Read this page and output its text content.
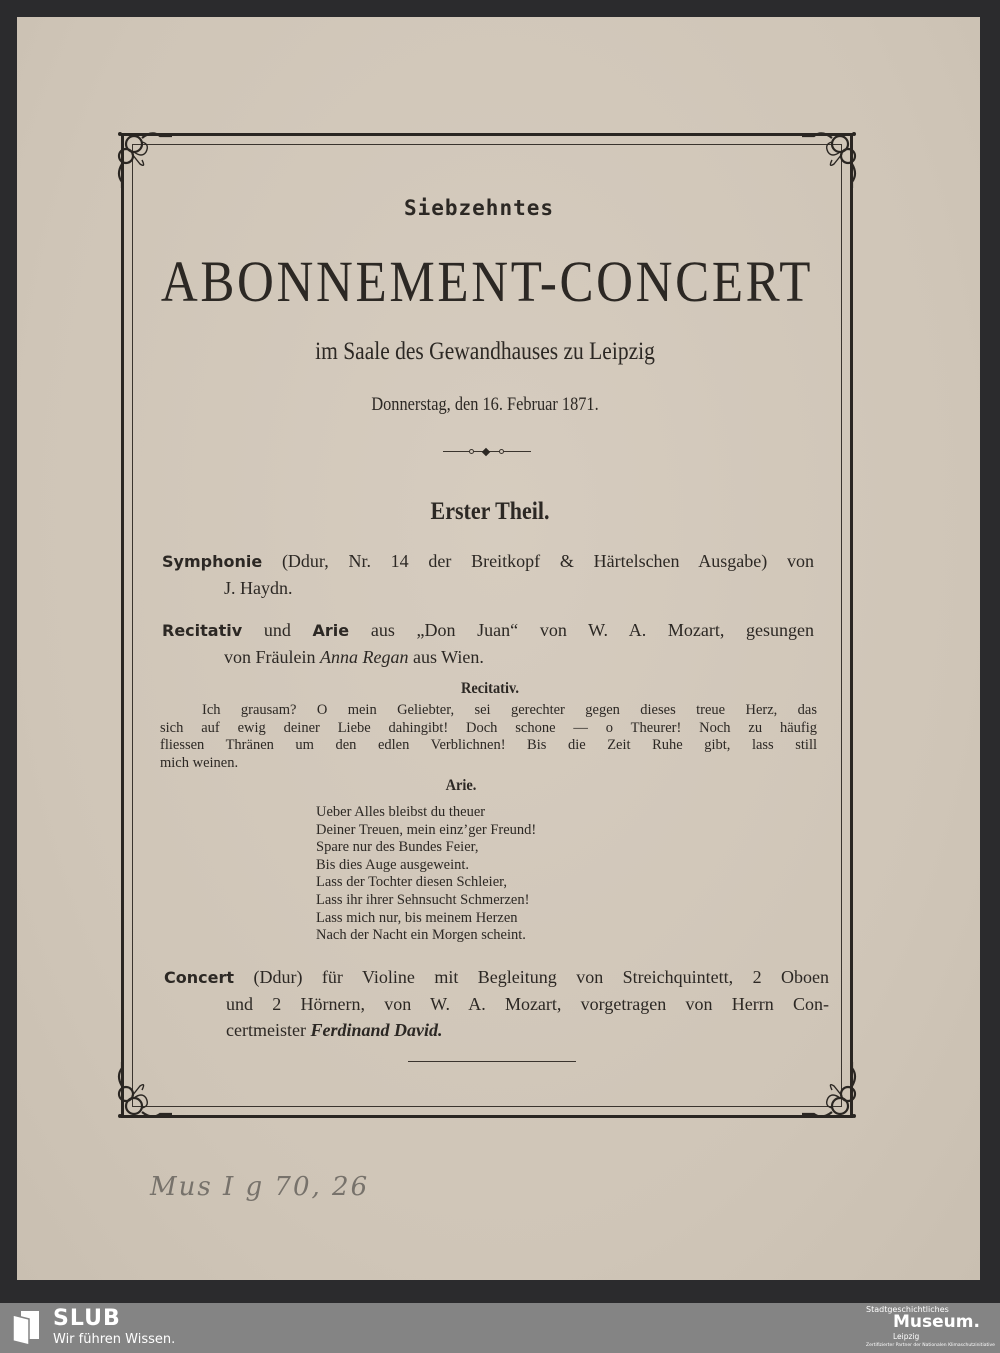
Siebzehntes
ABONNEMENT-CONCERT
im Saale des Gewandhauses zu Leipzig
Donnerstag, den 16. Februar 1871.
Erster Theil.
Symphonie (Ddur, Nr. 14 der Breitkopf & Härtelschen Ausgabe) von
J. Haydn.
Recitativ und Arie aus „Don Juan“ von W. A. Mozart, gesungen
von Fräulein Anna Regan aus Wien.
Recitativ.
Ich grausam? O mein Geliebter, sei gerechter gegen dieses treue Herz, das
sich auf ewig deiner Liebe dahingibt! Doch schone — o Theurer! Noch zu häufig
fliessen Thränen um den edlen Verblichnen! Bis die Zeit Ruhe gibt, lass still
mich weinen.
Arie.
Ueber Alles bleibst du theuer
Deiner Treuen, mein einz’ger Freund!
Spare nur des Bundes Feier,
Bis dies Auge ausgeweint.
Lass der Tochter diesen Schleier,
Lass ihr ihrer Sehnsucht Schmerzen!
Lass mich nur, bis meinem Herzen
Nach der Nacht ein Morgen scheint.
Concert (Ddur) für Violine mit Begleitung von Streichquintett, 2 Oboen
und 2 Hörnern, von W. A. Mozart, vorgetragen von Herrn Con-
certmeister Ferdinand David.
Mus I g 70, 26
SLUB
Wir führen Wissen.
Stadtgeschichtliches
Museum.
Leipzig
Zertifizierter Partner der Nationalen Klimaschutzinitiative
